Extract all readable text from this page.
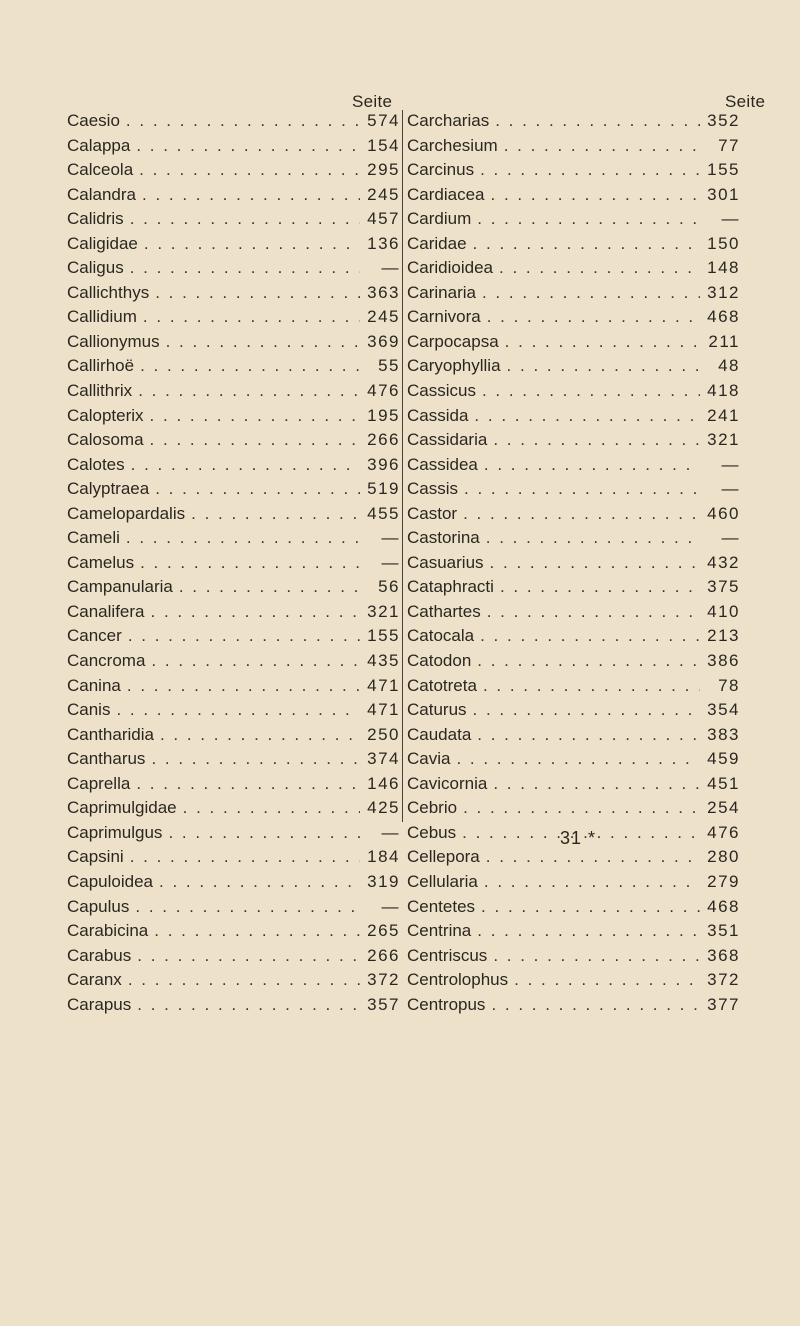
Seite	Seite
Caesio . . .	574
Calappa . . .	154
Calceola . . .	295
Calandra . . .	245
Calidris . . .	457
Caligidae . . .	136
Caligus . . .	—
Callichthys . . .	363
Callidium . . .	245
Callionymus . . .	369
Callirhoë . . .	55
Callithrix . . .	476
Calopterix . . .	195
Calosoma . . .	266
Calotes . . .	396
Calyptraea . . .	519
Camelopardalis . . .	455
Cameli . . .	—
Camelus . . .	—
Campanularia . . .	56
Canalifera . . .	321
Cancer . . .	155
Cancroma . . .	435
Canina . . .	471
Canis . . .	471
Cantharidia . . .	250
Cantharus . . .	374
Caprella . . .	146
Caprimulgidae . . .	425
Caprimulgus . . .	—
Capsini . . .	184
Capuloidea . . .	319
Capulus . . .	—
Carabicina . . .	265
Carabus . . .	266
Caranx . . .	372
Carapus . . .	357
Carcharias . . .	352
Carchesium . . .	77
Carcinus . . .	155
Cardiacea . . .	301
Cardium . . .	—
Caridae . . .	150
Caridioidea . . .	148
Carinaria . . .	312
Carnivora . . .	468
Carpocapsa . . .	211
Caryophyllia . . .	48
Cassicus . . .	418
Cassida . . .	241
Cassidaria . . .	321
Cassidea . . .	—
Cassis . . .	—
Castor . . .	460
Castorina . . .	—
Casuarius . . .	432
Cataphracti . . .	375
Cathartes . . .	410
Catocala . . .	213
Catodon . . .	386
Catotreta . . .	78
Caturus . . .	354
Caudata . . .	383
Cavia . . .	459
Cavicornia . . .	451
Cebrio . . .	254
Cebus . . .	476
Cellepora . . .	280
Cellularia . . .	279
Centetes . . .	468
Centrina . . .	351
Centriscus . . .	368
Centrolophus . . .	372
Centropus . . .	377
31 *
